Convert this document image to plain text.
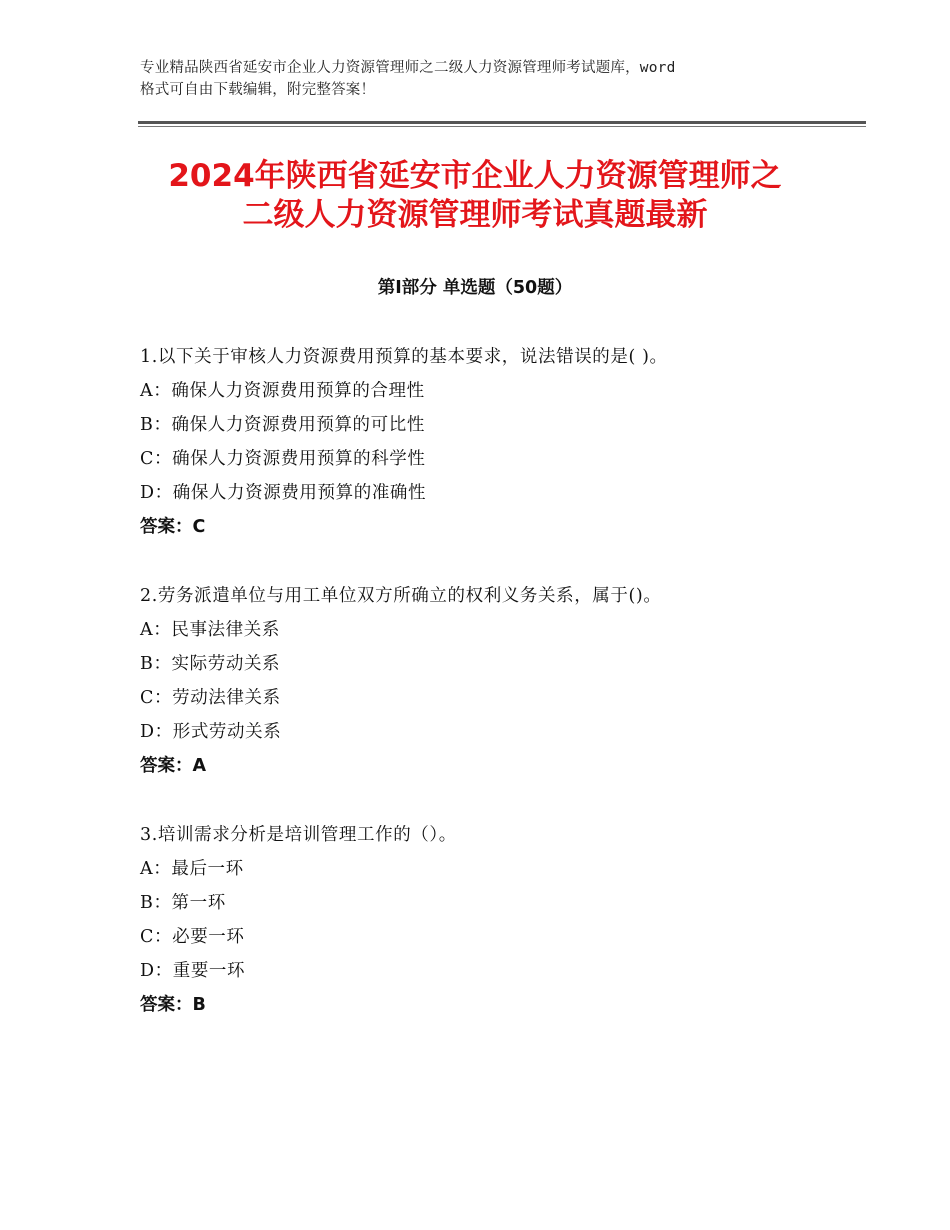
专业精品陕西省延安市企业人力资源管理师之二级人力资源管理师考试题库，word
格式可自由下载编辑，附完整答案！
2024年陕西省延安市企业人力资源管理师之
二级人力资源管理师考试真题最新
第Ⅰ部分 单选题（50题）
1.以下关于审核人力资源费用预算的基本要求，说法错误的是( )。
A：确保人力资源费用预算的合理性
B：确保人力资源费用预算的可比性
C：确保人力资源费用预算的科学性
D：确保人力资源费用预算的准确性
答案：C
2.劳务派遣单位与用工单位双方所确立的权利义务关系，属于()。
A：民事法律关系
B：实际劳动关系
C：劳动法律关系
D：形式劳动关系
答案：A
3.培训需求分析是培训管理工作的（）。
A：最后一环
B：第一环
C：必要一环
D：重要一环
答案：B
